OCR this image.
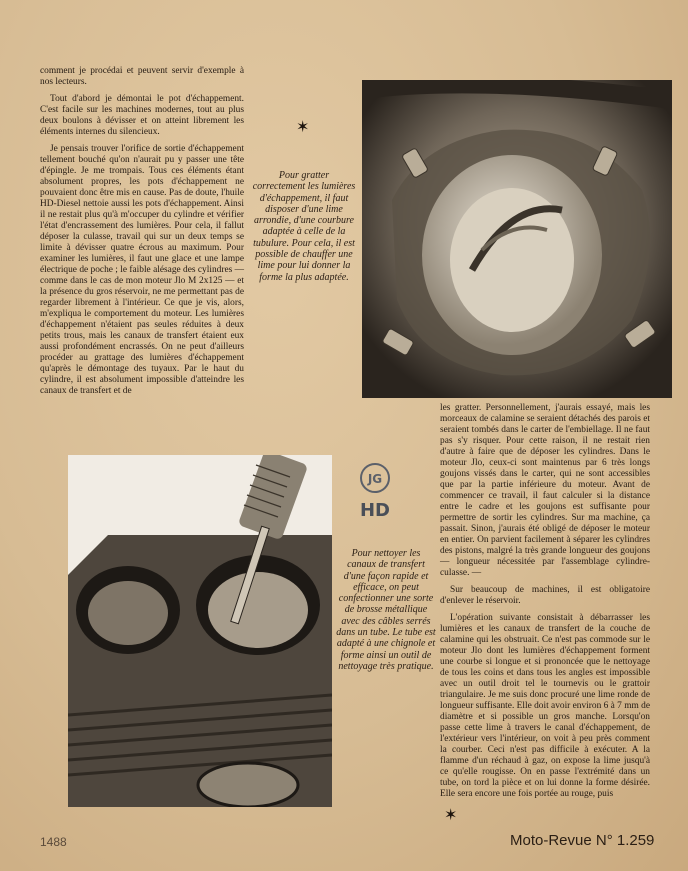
comment je procédai et peuvent servir d'exemple à nos lecteurs.

Tout d'abord je démontai le pot d'échappement. C'est facile sur les machines modernes, tout au plus deux boulons à dévisser et on atteint librement les éléments internes du silencieux.

Je pensais trouver l'orifice de sortie d'échappement tellement bouché qu'on n'aurait pu y passer une tête d'épingle. Je me trompais. Tous ces éléments étant absolument propres, les pots d'échappement ne pouvaient donc être mis en cause. Pas de doute, l'huile HD-Diesel nettoie aussi les pots d'échappement. Ainsi il ne restait plus qu'à m'occuper du cylindre et vérifier l'état d'encrassement des lumières. Pour cela, il fallut déposer la culasse, travail qui sur un deux temps se limite à dévisser quatre écrous au maximum. Pour examiner les lumières, il faut une glace et une lampe électrique de poche ; le faible alésage des cylindres — comme dans le cas de mon moteur Jlo M 2x125 — et la présence du gros réservoir, ne me permettant pas de regarder librement à l'intérieur. Ce que je vis, alors, m'expliqua le comportement du moteur. Les lumières d'échappement n'étaient pas seules réduites à deux petits trous, mais les canaux de transfert étaient eux aussi profondément encrassés. On ne peut d'ailleurs procéder au grattage des lumières d'échappement qu'après le démontage des tuyaux. Par le haut du cylindre, il est absolument impossible d'atteindre les canaux de transfert et de

✶
✶
Pour gratter correctement les lumières d'échappement, il faut disposer d'une lime arrondie, d'une courbure adaptée à celle de la tubulure. Pour cela, il est possible de chauffer une lime pour lui donner la forme la plus adaptée.
JG
HD
Pour nettoyer les canaux de transfert d'une façon rapide et efficace, on peut confectionner une sorte de brosse métallique avec des câbles serrés dans un tube. Le tube est adapté à une chignole et forme ainsi un outil de nettoyage très pratique.

les gratter. Personnellement, j'aurais essayé, mais les morceaux de calamine se seraient détachés des parois et seraient tombés dans le carter de l'embiellage. Il ne faut pas s'y risquer. Pour cette raison, il ne restait rien d'autre à faire que de déposer les cylindres. Dans le moteur Jlo, ceux-ci sont maintenus par 6 très longs goujons vissés dans le carter, qui ne sont accessibles que par la partie inférieure du moteur. Avant de commencer ce travail, il faut calculer si la distance entre le cadre et les goujons est suffisante pour permettre de sortir les cylindres. Sur ma machine, ça passait. Sinon, j'aurais été obligé de déposer le moteur en entier. On parvient facilement à séparer les cylindres des pistons, malgré la très grande longueur des goujons — longueur nécessitée par l'assemblage cylindre-culasse. —

Sur beaucoup de machines, il est obligatoire d'enlever le réservoir.

L'opération suivante consistait à débarrasser les lumières et les canaux de transfert de la couche de calamine qui les obstruait. Ce n'est pas commode sur le moteur Jlo dont les lumières d'échappement forment une courbe si longue et si prononcée que le nettoyage de tous les coins et dans tous les angles est impossible avec un outil droit tel le tournevis ou le grattoir triangulaire. Je me suis donc procuré une lime ronde de longueur suffisante. Elle doit avoir environ 6 à 7 mm de diamètre et si possible un gros manche. Lorsqu'on passe cette lime à travers le canal d'échappement, de l'extérieur vers l'intérieur, on voit à peu près comment la courber. Ceci n'est pas difficile à exécuter. A la flamme d'un réchaud à gaz, on expose la lime jusqu'à ce qu'elle rougisse. On en passe l'extrémité dans un tube, on tord la pièce et on lui donne la forme désirée. Elle sera encore une fois portée au rouge, puis

1488	Moto-Revue N° 1.259
